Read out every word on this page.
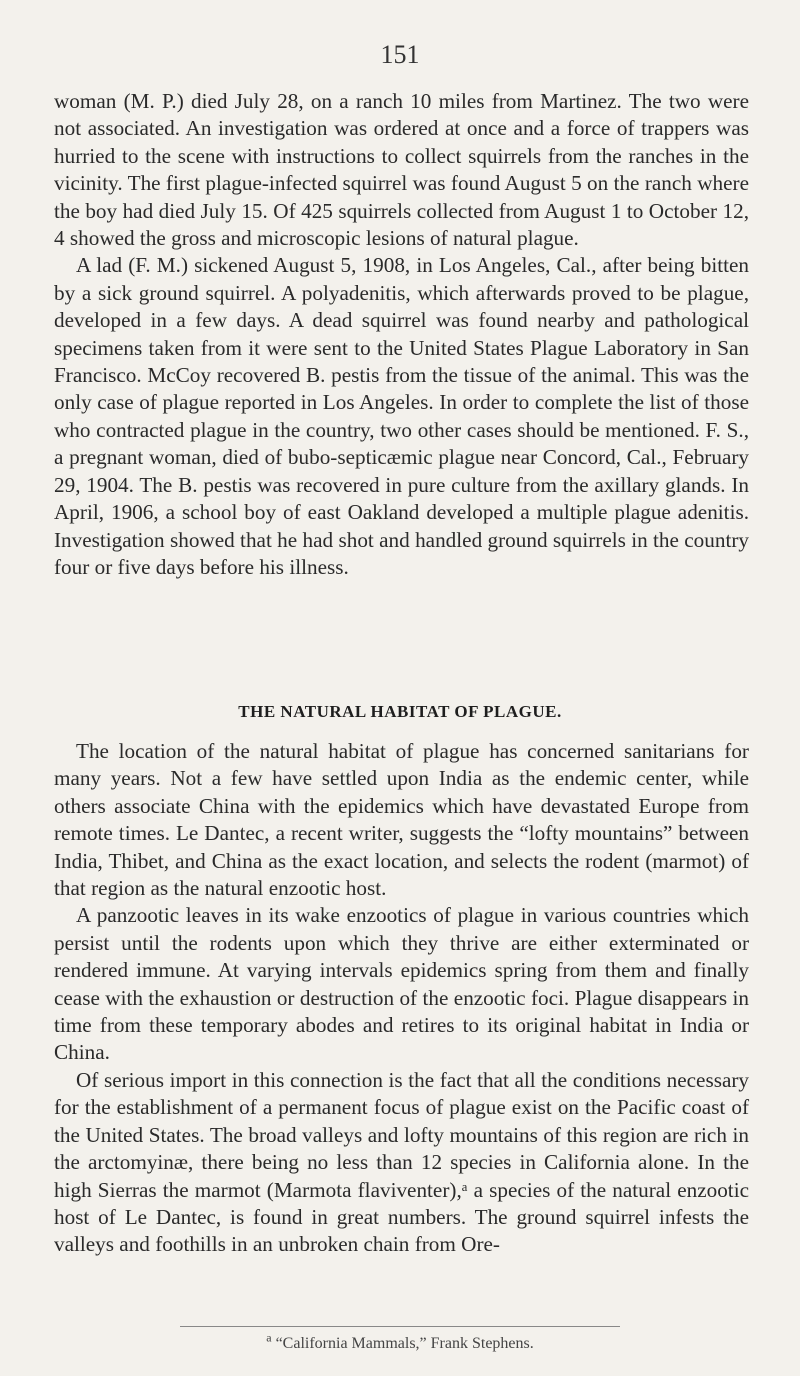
151

woman (M. P.) died July 28, on a ranch 10 miles from Martinez. The two were not associated. An investigation was ordered at once and a force of trappers was hurried to the scene with instructions to collect squirrels from the ranches in the vicinity. The first plague-infected squirrel was found August 5 on the ranch where the boy had died July 15. Of 425 squirrels collected from August 1 to October 12, 4 showed the gross and microscopic lesions of natural plague.

A lad (F. M.) sickened August 5, 1908, in Los Angeles, Cal., after being bitten by a sick ground squirrel. A polyadenitis, which afterwards proved to be plague, developed in a few days. A dead squirrel was found nearby and pathological specimens taken from it were sent to the United States Plague Laboratory in San Francisco. McCoy recovered B. pestis from the tissue of the animal. This was the only case of plague reported in Los Angeles. In order to complete the list of those who contracted plague in the country, two other cases should be mentioned. F. S., a pregnant woman, died of bubo-septicæmic plague near Concord, Cal., February 29, 1904. The B. pestis was recovered in pure culture from the axillary glands. In April, 1906, a school boy of east Oakland developed a multiple plague adenitis. Investigation showed that he had shot and handled ground squirrels in the country four or five days before his illness.

THE NATURAL HABITAT OF PLAGUE.

The location of the natural habitat of plague has concerned sanitarians for many years. Not a few have settled upon India as the endemic center, while others associate China with the epidemics which have devastated Europe from remote times. Le Dantec, a recent writer, suggests the “lofty mountains” between India, Thibet, and China as the exact location, and selects the rodent (marmot) of that region as the natural enzootic host.

A panzootic leaves in its wake enzootics of plague in various countries which persist until the rodents upon which they thrive are either exterminated or rendered immune. At varying intervals epidemics spring from them and finally cease with the exhaustion or destruction of the enzootic foci. Plague disappears in time from these temporary abodes and retires to its original habitat in India or China.

Of serious import in this connection is the fact that all the conditions necessary for the establishment of a permanent focus of plague exist on the Pacific coast of the United States. The broad valleys and lofty mountains of this region are rich in the arctomyinæ, there being no less than 12 species in California alone. In the high Sierras the marmot (Marmota flaviventer),ᵃ a species of the natural enzootic host of Le Dantec, is found in great numbers. The ground squirrel infests the valleys and foothills in an unbroken chain from Ore-

$^a$ “California Mammals,” Frank Stephens.
